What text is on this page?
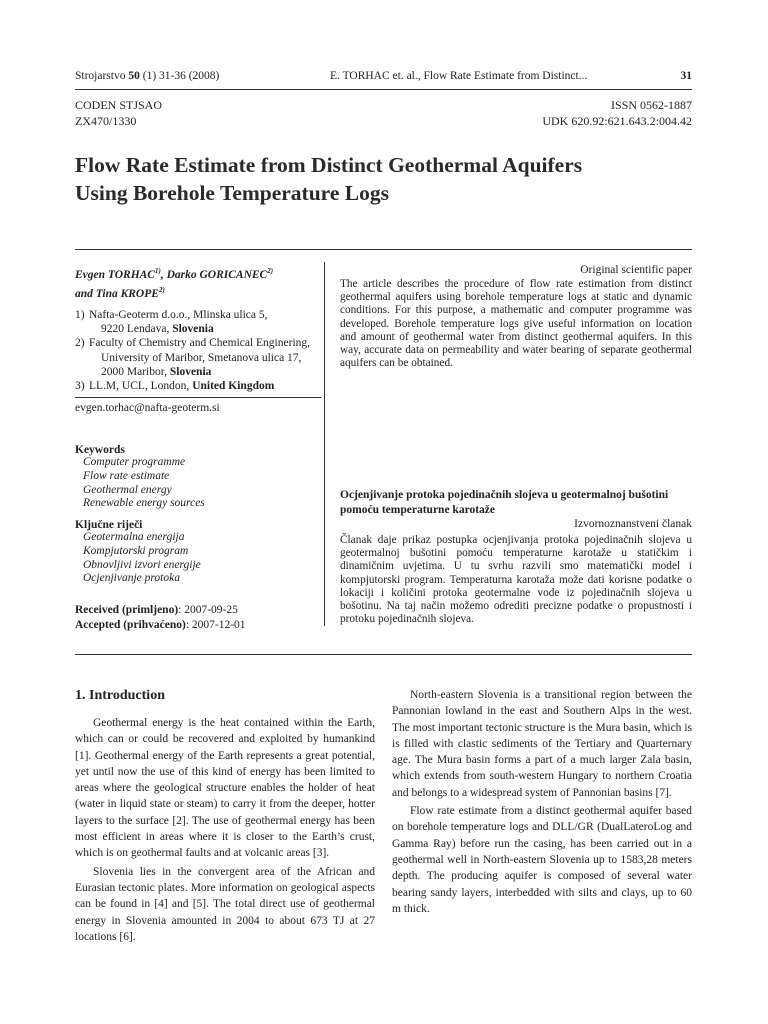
Strojarstvo 50 (1) 31-36 (2008)	E. TORHAC et. al., Flow Rate Estimate from Distinct...	31
CODEN STJSAO
ZX470/1330
ISSN 0562-1887
UDK 620.92:621.643.2:004.42
Flow Rate Estimate from Distinct Geothermal Aquifers
Using Borehole Temperature Logs
Evgen TORHAC$^{1)}$, Darko GORICANEC$^{2)}$
and Tina KROPE$^{2)}$
1) Nafta-Geoterm d.o.o., Mlinska ulica 5,
9220 Lendava, Slovenia
2) Faculty of Chemistry and Chemical Enginering,
University of Maribor, Smetanova ulica 17,
2000 Maribor, Slovenia
3) LL.M, UCL, London, United Kingdom
evgen.torhac@nafta-geoterm.si
Keywords
Computer programme
Flow rate estimate
Geothermal energy
Renewable energy sources
Ključne riječi
Geotermalna energija
Kompjutorski program
Obnovljivi izvori energije
Ocjenjivanje protoka
Received (primljeno): 2007-09-25
Accepted (prihvaćeno): 2007-12-01
Original scientific paper
The article describes the procedure of flow rate estimation from distinct geothermal aquifers using borehole temperature logs at static and dynamic conditions. For this purpose, a mathematic and computer programme was developed. Borehole temperature logs give useful information on location and amount of geothermal water from distinct geothermal aquifers. In this way, accurate data on permeability and water bearing of separate geothermal aquifers can be obtained.
Ocjenjivanje protoka pojedinačnih slojeva u geotermalnoj bušotini pomoću temperaturne karotaže
Izvornoznanstveni članak
Članak daje prikaz postupka ocjenjivanja protoka pojedinačnih slojeva u geotermalnoj bušotini pomoću temperaturne karotaže u statičkim i dinamičnim uvjetima. U tu svrhu razvili smo matematički model i kompjutorski program. Temperaturna karotaža može dati korisne podatke o lokaciji i količini protoka geotermalne vode iz pojedinačnih slojeva u bošotinu. Na taj način možemo odrediti precizne podatke o propustnosti i protoku pojedinačnih slojeva.
1. Introduction

Geothermal energy is the heat contained within the Earth, which can or could be recovered and exploited by humankind [1]. Geothermal energy of the Earth represents a great potential, yet until now the use of this kind of energy has been limited to areas where the geological structure enables the holder of heat (water in liquid state or steam) to carry it from the deeper, hotter layers to the surface [2]. The use of geothermal energy has been most efficient in areas where it is closer to the Earth’s crust, which is on geothermal faults and at volcanic areas [3].

Slovenia lies in the convergent area of the African and Eurasian tectonic plates. More information on geological aspects can be found in [4] and [5]. The total direct use of geothermal energy in Slovenia amounted in 2004 to about 673 TJ at 27 locations [6].

North-eastern Slovenia is a transitional region between the Pannonian lowland in the east and Southern Alps in the west. The most important tectonic structure is the Mura basin, which is is filled with clastic sediments of the Tertiary and Quarternary age. The Mura basin forms a part of a much larger Zala basin, which extends from south-western Hungary to northern Croatia and belongs to a widespread system of Pannonian basins [7].

Flow rate estimate from a distinct geothermal aquifer based on borehole temperature logs and DLL/GR (DualLateroLog and Gamma Ray) before run the casing, has been carried out in a geothermal well in North-eastern Slovenia up to 1583,28 meters depth. The producing aquifer is composed of several water bearing sandy layers, interbedded with silts and clays, up to 60 m thick.
